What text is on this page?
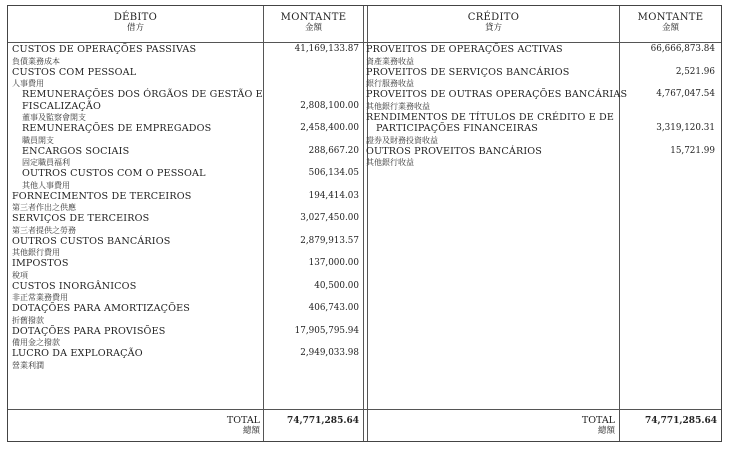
DÉBITO
借方
MONTANTE
金額
CRÉDITO
貸方
MONTANTE
金額
CUSTOS DE OPERAÇÕES PASSIVAS
負債業務成本
41,169,133.87
CUSTOS COM PESSOAL
人事費用
REMUNERAÇÕES DOS ÓRGÃOS DE GESTÃO E
FISCALIZAÇÃO
董事及監察會開支
2,808,100.00
REMUNERAÇÕES DE EMPREGADOS
職員開支
2,458,400.00
ENCARGOS SOCIAIS
固定職員福利
288,667.20
OUTROS CUSTOS COM O PESSOAL
其他人事費用
506,134.05
FORNECIMENTOS DE TERCEIROS
第三者作出之供應
194,414.03
SERVIÇOS DE TERCEIROS
第三者提供之勞務
3,027,450.00
OUTROS CUSTOS BANCÁRIOS
其他銀行費用
2,879,913.57
IMPOSTOS
稅項
137,000.00
CUSTOS INORGÂNICOS
非正常業務費用
40,500.00
DOTAÇÕES PARA AMORTIZAÇÕES
折舊撥款
406,743.00
DOTAÇÕES PARA PROVISÕES
備用金之撥款
17,905,795.94
LUCRO DA EXPLORAÇÃO
營業利潤
2,949,033.98
PROVEITOS DE OPERAÇÕES ACTIVAS
資產業務收益
66,666,873.84
PROVEITOS DE SERVIÇOS BANCÁRIOS
銀行服務收益
2,521.96
PROVEITOS DE OUTRAS OPERAÇÕES BANCÁRIAS
其他銀行業務收益
4,767,047.54
RENDIMENTOS DE TÍTULOS DE CRÉDITO E DE
PARTICIPAÇÕES FINANCEIRAS
證券及財務投資收益
3,319,120.31
OUTROS PROVEITOS BANCÁRIOS
其他銀行收益
15,721.99
TOTAL
總額
74,771,285.64	TOTAL
總額
74,771,285.64
